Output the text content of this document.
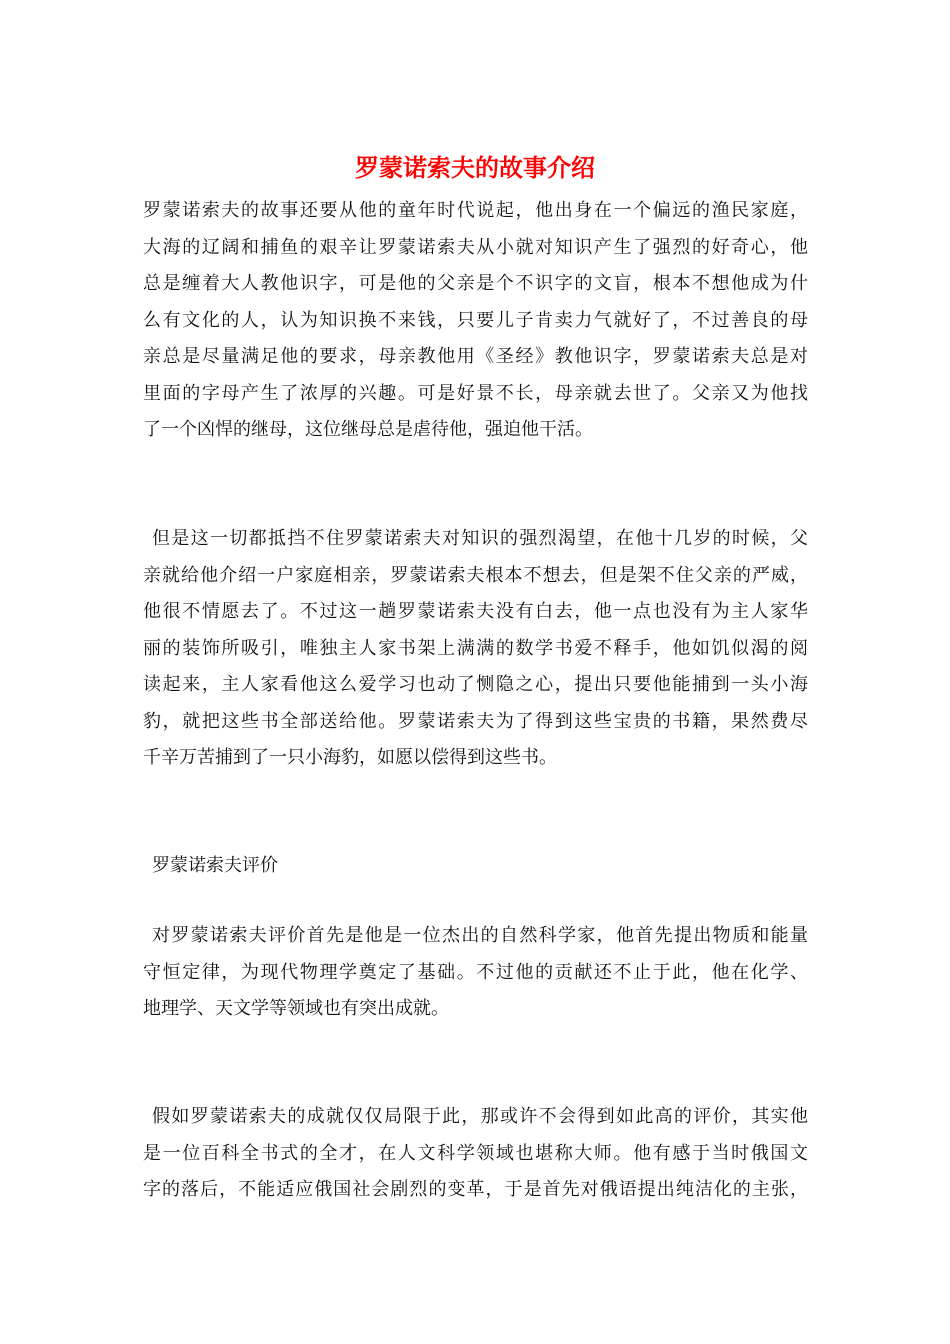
罗蒙诺索夫的故事介绍
罗蒙诺索夫的故事还要从他的童年时代说起，他出身在一个偏远的渔民家庭，
大海的辽阔和捕鱼的艰辛让罗蒙诺索夫从小就对知识产生了强烈的好奇心，他
总是缠着大人教他识字，可是他的父亲是个不识字的文盲，根本不想他成为什
么有文化的人，认为知识换不来钱，只要儿子肯卖力气就好了，不过善良的母
亲总是尽量满足他的要求，母亲教他用《圣经》教他识字，罗蒙诺索夫总是对
里面的字母产生了浓厚的兴趣。可是好景不长，母亲就去世了。父亲又为他找
了一个凶悍的继母，这位继母总是虐待他，强迫他干活。
但是这一切都抵挡不住罗蒙诺索夫对知识的强烈渴望，在他十几岁的时候，父
亲就给他介绍一户家庭相亲，罗蒙诺索夫根本不想去，但是架不住父亲的严威，
他很不情愿去了。不过这一趟罗蒙诺索夫没有白去，他一点也没有为主人家华
丽的装饰所吸引，唯独主人家书架上满满的数学书爱不释手，他如饥似渴的阅
读起来，主人家看他这么爱学习也动了恻隐之心，提出只要他能捕到一头小海
豹，就把这些书全部送给他。罗蒙诺索夫为了得到这些宝贵的书籍，果然费尽
千辛万苦捕到了一只小海豹，如愿以偿得到这些书。
罗蒙诺索夫评价
对罗蒙诺索夫评价首先是他是一位杰出的自然科学家，他首先提出物质和能量
守恒定律，为现代物理学奠定了基础。不过他的贡献还不止于此，他在化学、
地理学、天文学等领域也有突出成就。
假如罗蒙诺索夫的成就仅仅局限于此，那或许不会得到如此高的评价，其实他
是一位百科全书式的全才，在人文科学领域也堪称大师。他有感于当时俄国文
字的落后，不能适应俄国社会剧烈的变革，于是首先对俄语提出纯洁化的主张，
